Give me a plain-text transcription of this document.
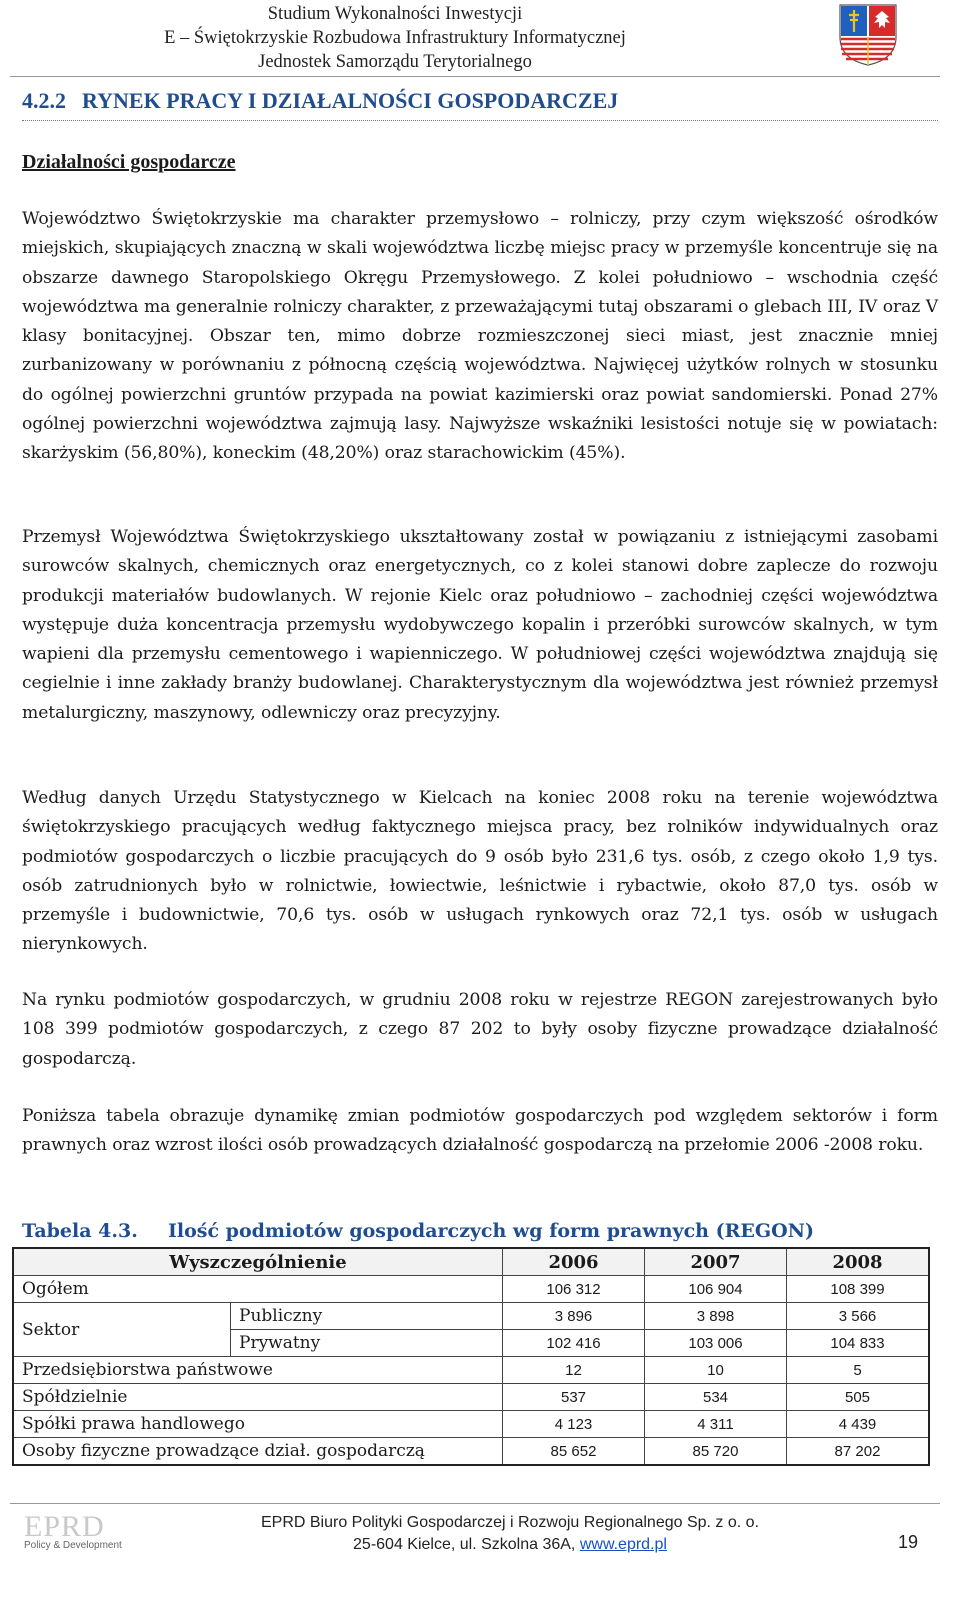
Studium Wykonalności Inwestycji
E – Świętokrzyskie Rozbudowa Infrastruktury Informatycznej
Jednostek Samorządu Terytorialnego
4.2.2 RYNEK PRACY I DZIAŁALNOŚCI GOSPODARCZEJ
Działalności gospodarcze

Województwo Świętokrzyskie ma charakter przemysłowo – rolniczy, przy czym większość ośrodków miejskich, skupiających znaczną w skali województwa liczbę miejsc pracy w przemyśle koncentruje się na obszarze dawnego Staropolskiego Okręgu Przemysłowego. Z kolei południowo – wschodnia część województwa ma generalnie rolniczy charakter, z przeważającymi tutaj obszarami o glebach III, IV oraz V klasy bonitacyjnej. Obszar ten, mimo dobrze rozmieszczonej sieci miast, jest znacznie mniej zurbanizowany w porównaniu z północną częścią województwa. Najwięcej użytków rolnych w stosunku do ogólnej powierzchni gruntów przypada na powiat kazimierski oraz powiat sandomierski. Ponad 27% ogólnej powierzchni województwa zajmują lasy. Najwyższe wskaźniki lesistości notuje się w powiatach: skarżyskim (56,80%), koneckim (48,20%) oraz starachowickim (45%).

Przemysł Województwa Świętokrzyskiego ukształtowany został w powiązaniu z istniejącymi zasobami surowców skalnych, chemicznych oraz energetycznych, co z kolei stanowi dobre zaplecze do rozwoju produkcji materiałów budowlanych. W rejonie Kielc oraz południowo – zachodniej części województwa występuje duża koncentracja przemysłu wydobywczego kopalin i przeróbki surowców skalnych, w tym wapieni dla przemysłu cementowego i wapienniczego. W południowej części województwa znajdują się cegielnie i inne zakłady branży budowlanej. Charakterystycznym dla województwa jest również przemysł metalurgiczny, maszynowy, odlewniczy oraz precyzyjny.

Według danych Urzędu Statystycznego w Kielcach na koniec 2008 roku na terenie województwa świętokrzyskiego pracujących według faktycznego miejsca pracy, bez rolników indywidualnych oraz podmiotów gospodarczych o liczbie pracujących do 9 osób było 231,6 tys. osób, z czego około 1,9 tys. osób zatrudnionych było w rolnictwie, łowiectwie, leśnictwie i rybactwie, około 87,0 tys. osób w przemyśle i budownictwie, 70,6 tys. osób w usługach rynkowych oraz 72,1 tys. osób w usługach nierynkowych.

Na rynku podmiotów gospodarczych, w grudniu 2008 roku w rejestrze REGON zarejestrowanych było 108 399 podmiotów gospodarczych, z czego 87 202 to były osoby fizyczne prowadzące działalność gospodarczą.

Poniższa tabela obrazuje dynamikę zmian podmiotów gospodarczych pod względem sektorów i form prawnych oraz wzrost ilości osób prowadzących działalność gospodarczą na przełomie 2006 -2008 roku.

Tabela 4.3. Ilość podmiotów gospodarczych wg form prawnych (REGON)
Wyszczególnienie		2006	2007	2008
Ogółem		106 312	106 904	108 399
Sektor	Publiczny	3 896	3 898	3 566
	Prywatny	102 416	103 006	104 833
Przedsiębiorstwa państwowe		12	10	5
Spółdzielnie		537	534	505
Spółki prawa handlowego		4 123	4 311	4 439
Osoby fizyczne prowadzące dział. gospodarczą		85 652	85 720	87 202
EPRD
Policy & Development
EPRD Biuro Polityki Gospodarczej i Rozwoju Regionalnego Sp. z o. o.
25-604 Kielce, ul. Szkolna 36A, www.eprd.pl	19
